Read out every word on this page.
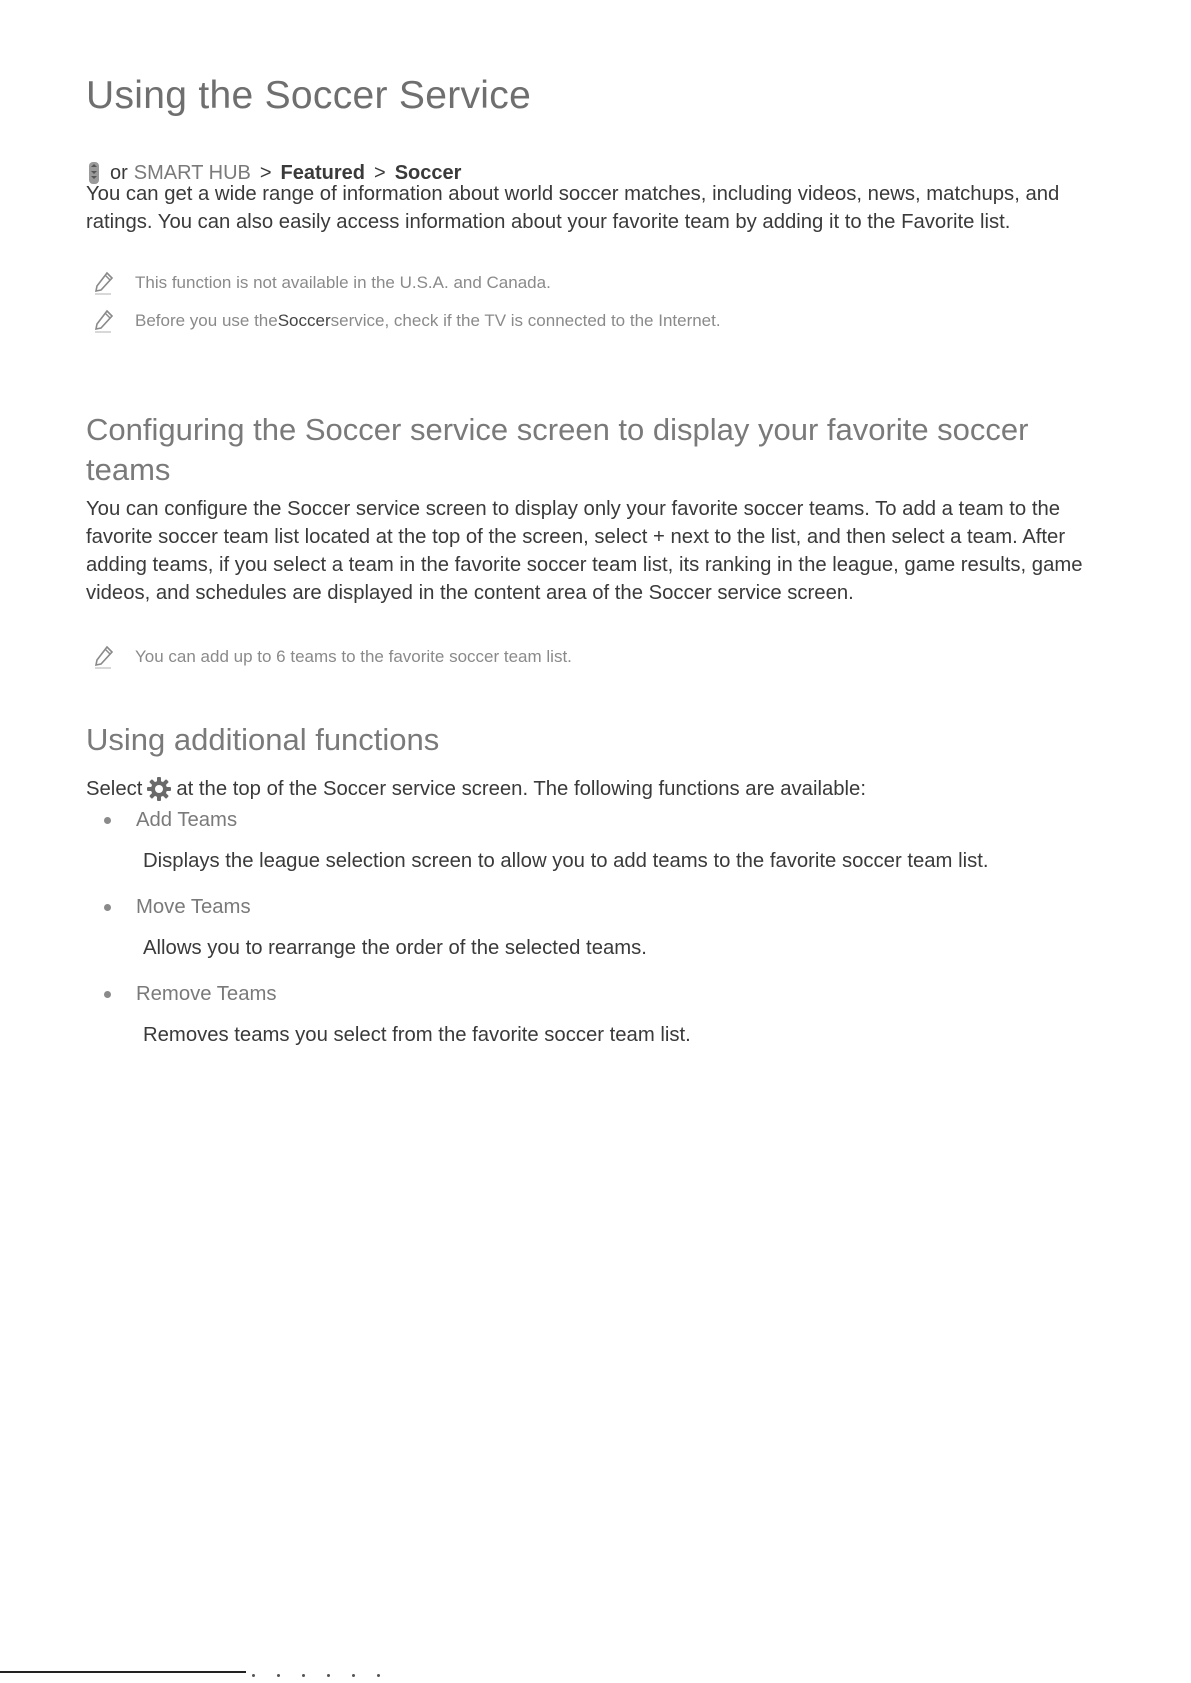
Using the Soccer Service
or SMART HUB > Featured > Soccer

You can get a wide range of information about world soccer matches, including videos, news, matchups, and ratings. You can also easily access information about your favorite team by adding it to the Favorite list.

This function is not available in the U.S.A. and Canada.
Before you use the Soccer service, check if the TV is connected to the Internet.
Configuring the Soccer service screen to display your favorite soccer teams

You can configure the Soccer service screen to display only your favorite soccer teams. To add a team to the favorite soccer team list located at the top of the screen, select + next to the list, and then select a team. After adding teams, if you select a team in the favorite soccer team list, its ranking in the league, game results, game videos, and schedules are displayed in the content area of the Soccer service screen.

You can add up to 6 teams to the favorite soccer team list.
Using additional functions
Select at the top of the Soccer service screen. The following functions are available:
Add Teams
Displays the league selection screen to allow you to add teams to the favorite soccer team list.
Move Teams
Allows you to rearrange the order of the selected teams.
Remove Teams
Removes teams you select from the favorite soccer team list.
